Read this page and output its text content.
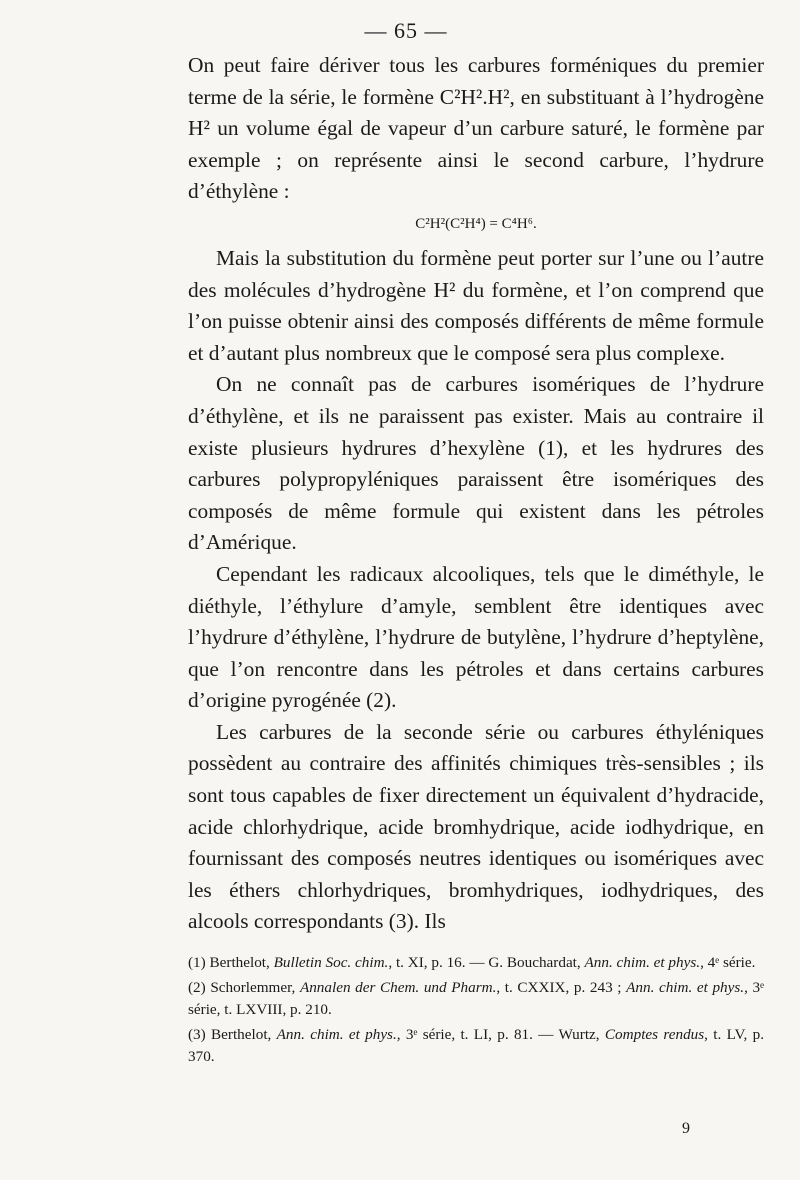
— 65 —

On peut faire dériver tous les carbures forméniques du premier terme de la série, le formène C²H².H², en substituant à l’hydrogène H² un volume égal de vapeur d’un carbure saturé, le formène par exemple ; on représente ainsi le second carbure, l’hydrure d’éthylène :

C²H²(C²H⁴) = C⁴H⁶.

Mais la substitution du formène peut porter sur l’une ou l’autre des molécules d’hydrogène H² du formène, et l’on comprend que l’on puisse obtenir ainsi des composés différents de même formule et d’autant plus nombreux que le composé sera plus complexe.

On ne connaît pas de carbures isomériques de l’hydrure d’éthylène, et ils ne paraissent pas exister. Mais au contraire il existe plusieurs hydrures d’hexylène (1), et les hydrures des carbures polypropyléniques paraissent être isomériques des composés de même formule qui existent dans les pétroles d’Amérique.

Cependant les radicaux alcooliques, tels que le diméthyle, le diéthyle, l’éthylure d’amyle, semblent être identiques avec l’hydrure d’éthylène, l’hydrure de butylène, l’hydrure d’heptylène, que l’on rencontre dans les pétroles et dans certains carbures d’origine pyrogénée (2).

Les carbures de la seconde série ou carbures éthyléniques possèdent au contraire des affinités chimiques très-sensibles ; ils sont tous capables de fixer directement un équivalent d’hydracide, acide chlorhydrique, acide bromhydrique, acide iodhydrique, en fournissant des composés neutres identiques ou isomériques avec les éthers chlorhydriques, bromhydriques, iodhydriques, des alcools correspondants (3). Ils

(1) Berthelot, Bulletin Soc. chim., t. XI, p. 16. — G. Bouchardat, Ann. chim. et phys., 4ᵉ série.

(2) Schorlemmer, Annalen der Chem. und Pharm., t. CXXIX, p. 243 ; Ann. chim. et phys., 3ᵉ série, t. LXVIII, p. 210.

(3) Berthelot, Ann. chim. et phys., 3ᵉ série, t. LI, p. 81. — Wurtz, Comptes rendus, t. LV, p. 370.

9
